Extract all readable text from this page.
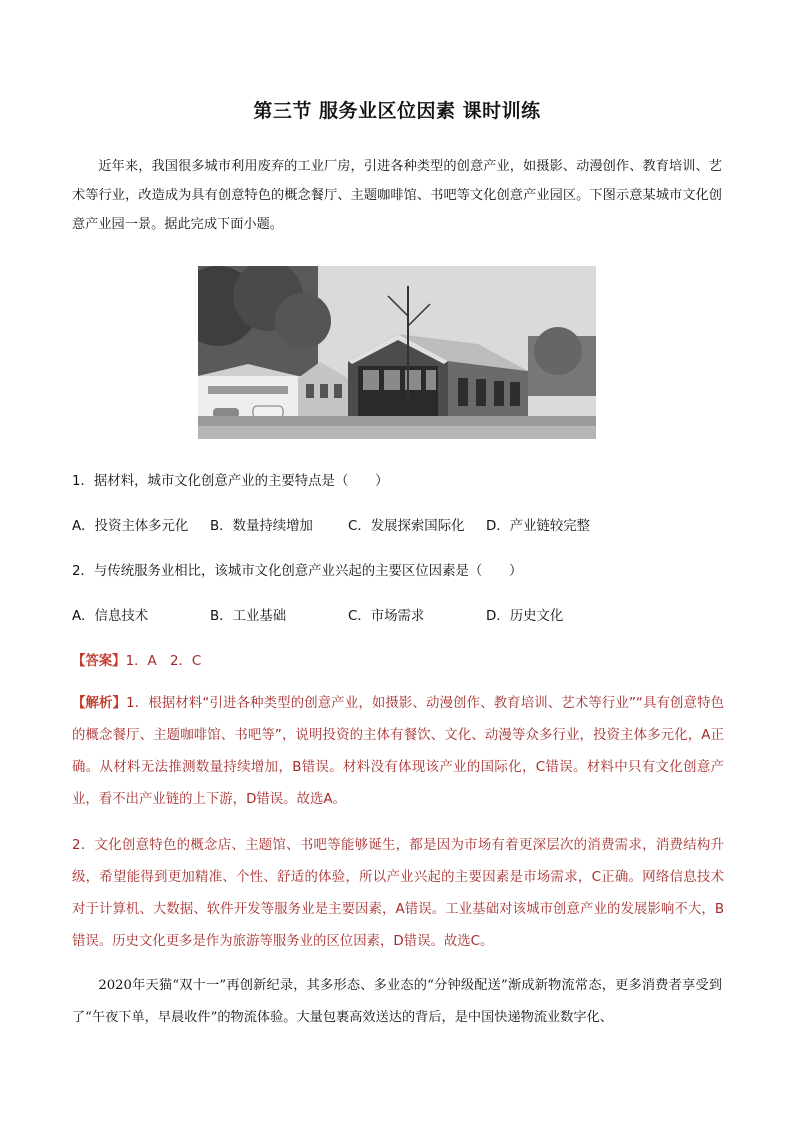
第三节 服务业区位因素 课时训练
近年来，我国很多城市利用废弃的工业厂房，引进各种类型的创意产业，如摄影、动漫创作、教育培训、艺术等行业，改造成为具有创意特色的概念餐厅、主题咖啡馆、书吧等文化创意产业园区。下图示意某城市文化创意产业园一景。据此完成下面小题。
1．据材料，城市文化创意产业的主要特点是（　　）
A．投资主体多元化 B．数量持续增加	C．发展探索国际化 D．产业链较完整
2．与传统服务业相比，该城市文化创意产业兴起的主要区位因素是（　　）
A．信息技术	B．工业基础	C．市场需求	D．历史文化
【答案】1．A　2．C
【解析】1．根据材料“引进各种类型的创意产业，如摄影、动漫创作、教育培训、艺术等行业”“具有创意特色的概念餐厅、主题咖啡馆、书吧等”，说明投资的主体有餐饮、文化、动漫等众多行业，投资主体多元化，A正确。从材料无法推测数量持续增加，B错误。材料没有体现该产业的国际化，C错误。材料中只有文化创意产业，看不出产业链的上下游，D错误。故选A。
2．文化创意特色的概念店、主题馆、书吧等能够诞生，都是因为市场有着更深层次的消费需求，消费结构升级，希望能得到更加精准、个性、舒适的体验，所以产业兴起的主要因素是市场需求，C正确。网络信息技术对于计算机、大数据、软件开发等服务业是主要因素，A错误。工业基础对该城市创意产业的发展影响不大，B错误。历史文化更多是作为旅游等服务业的区位因素，D错误。故选C。
2020年天猫“双十一”再创新纪录，其多形态、多业态的“分钟级配送”渐成新物流常态，更多消费者享受到了“午夜下单，早晨收件”的物流体验。大量包裹高效送达的背后，是中国快递物流业数字化、
